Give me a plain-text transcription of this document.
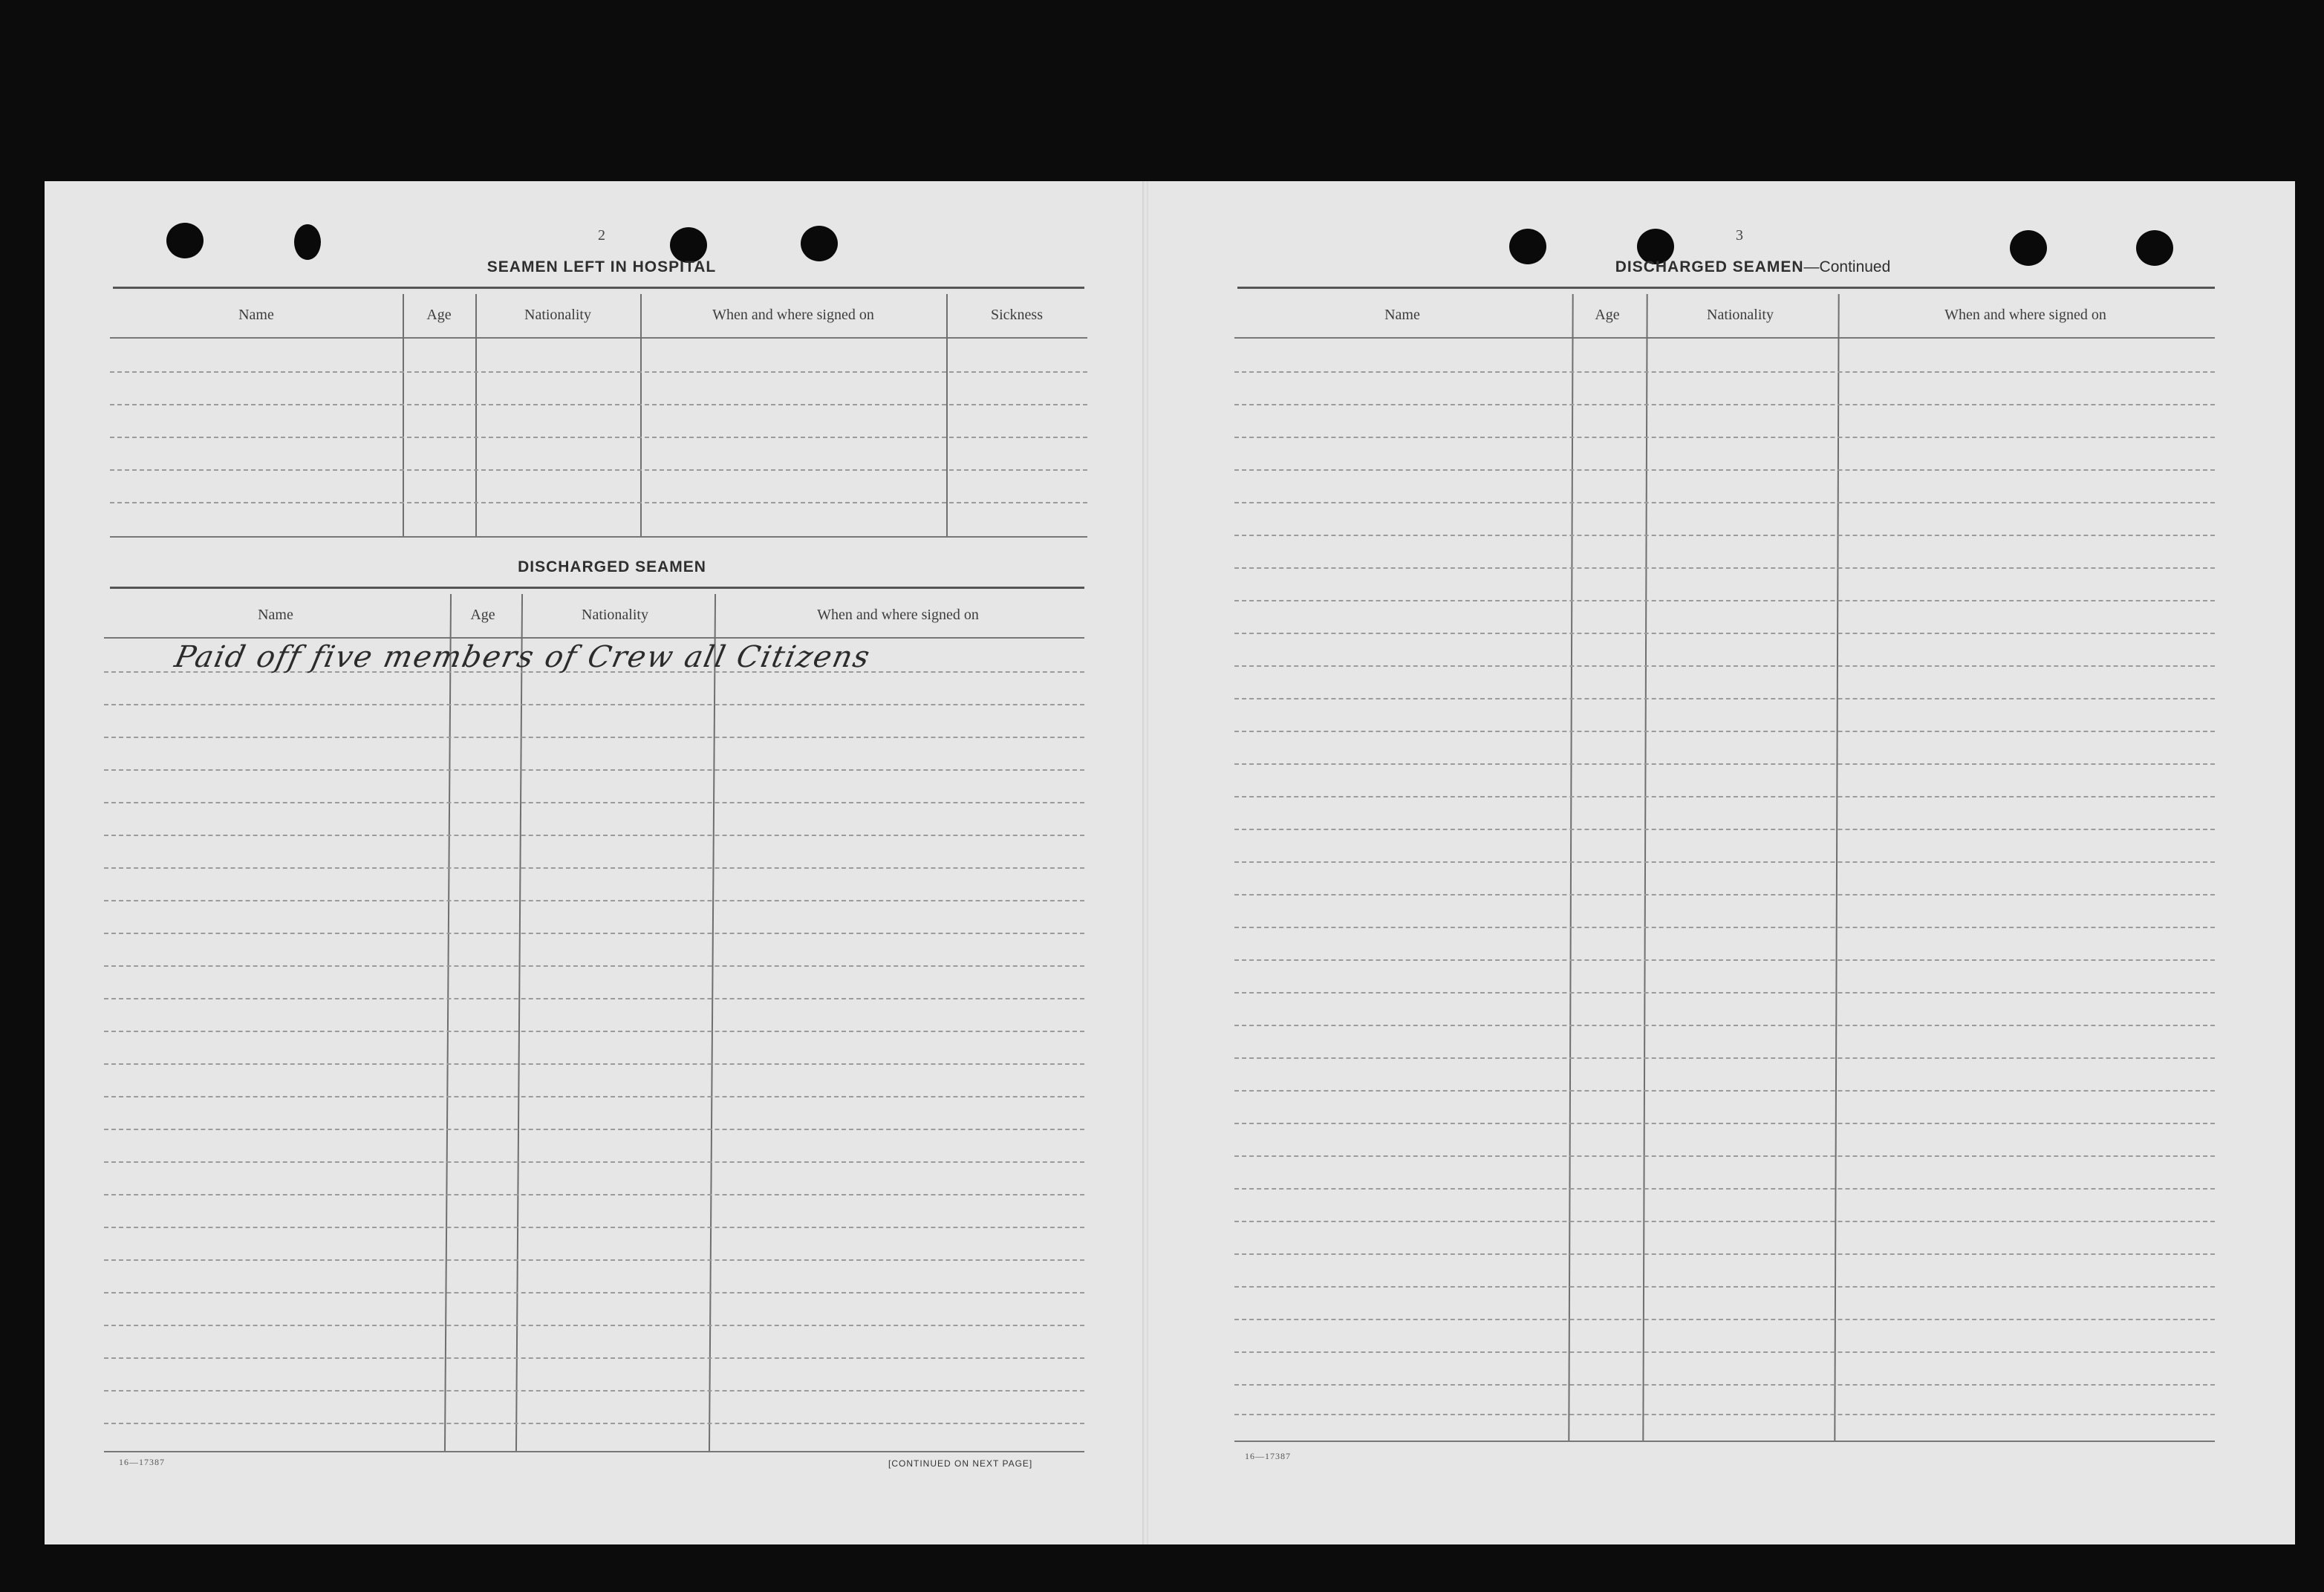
2
SEAMEN LEFT IN HOSPITAL
Name	Age	Nationality	When and where signed on	Sickness
DISCHARGED SEAMEN
Name	Age	Nationality	When and where signed on
Paid off five members of Crew all Citizens
16—17387	[CONTINUED ON NEXT PAGE]
3
DISCHARGED SEAMEN—Continued
Name	Age	Nationality	When and where signed on
16—17387
